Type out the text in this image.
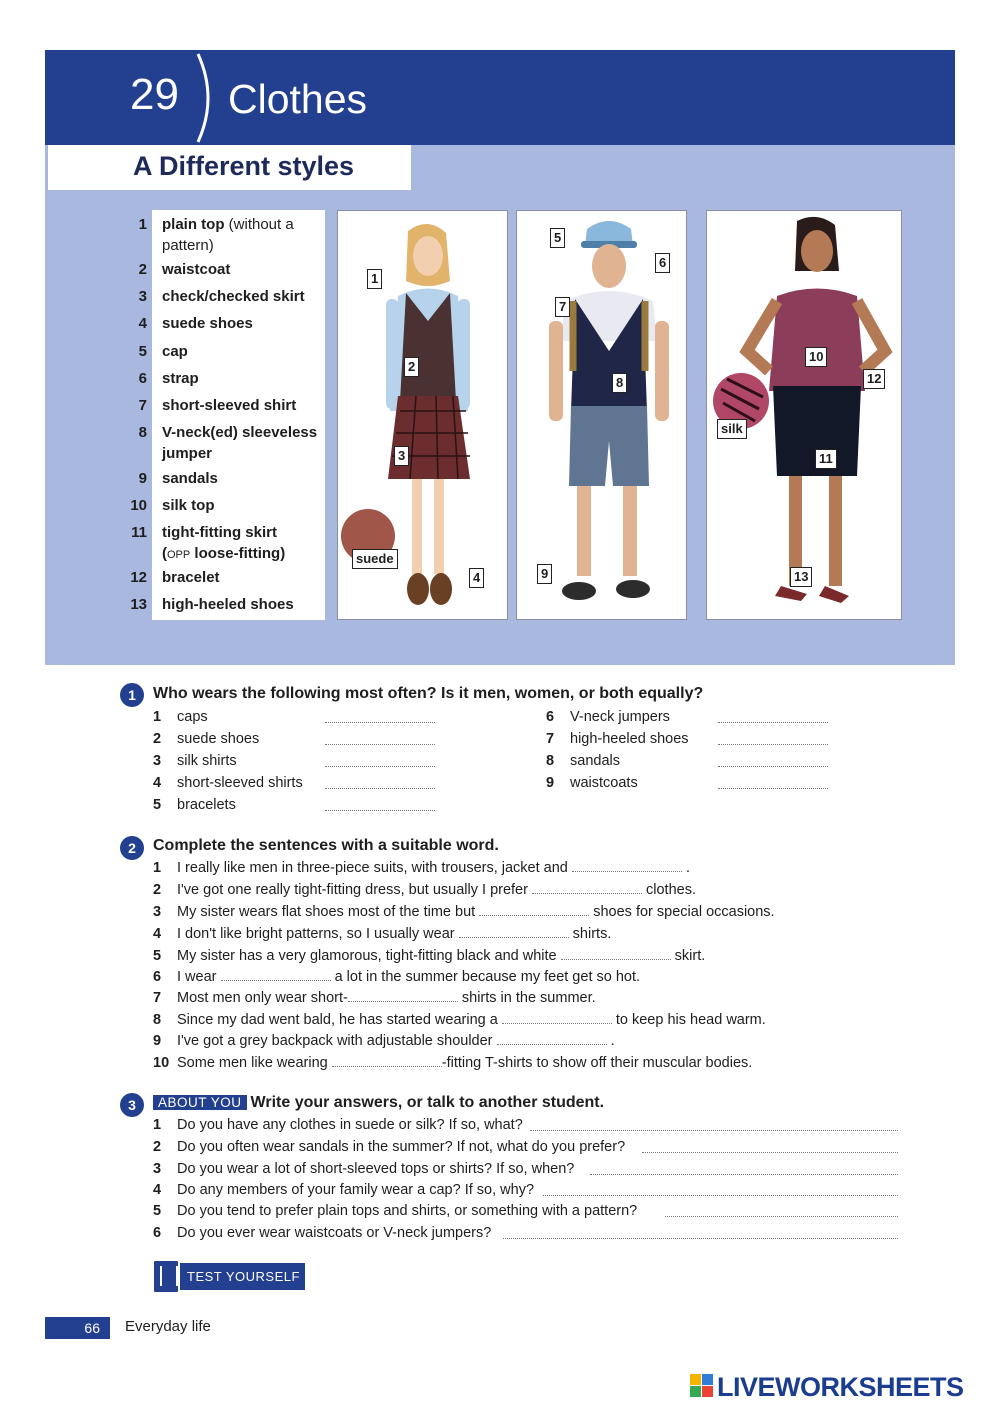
29 Clothes
A Different styles
1 plain top (without a pattern)
2 waistcoat
3 check/checked skirt
4 suede shoes
5 cap
6 strap
7 short-sleeved shirt
8 V-neck(ed) sleeveless jumper
9 sandals
10 silk top
11 tight-fitting skirt
(OPP loose-fitting)
12 bracelet
13 high-heeled shoes
1
2
3
4
suede
5
6
7
8
9
10
11
12
13
silk
1	Who wears the following most often? Is it men, women, or both equally?
1 caps
2 suede shoes
3 silk shirts
4 short-sleeved shirts
5 bracelets
6 V-neck jumpers
7 high-heeled shoes
8 sandals
9 waistcoats
2	Complete the sentences with a suitable word.
1 I really like men in three-piece suits, with trousers, jacket and	.
2 I've got one really tight-fitting dress, but usually I prefer	clothes.
3 My sister wears flat shoes most of the time but	shoes for special occasions.
4 I don't like bright patterns, so I usually wear	shirts.
5 My sister has a very glamorous, tight-fitting black and white	skirt.
6 I wear	a lot in the summer because my feet get so hot.
7 Most men only wear short-	shirts in the summer.
8 Since my dad went bald, he has started wearing a	to keep his head warm.
9 I've got a grey backpack with adjustable shoulder	.
10 Some men like wearing	-fitting T-shirts to show off their muscular bodies.
3	ABOUT YOU Write your answers, or talk to another student.
1 Do you have any clothes in suede or silk? If so, what?
2 Do you often wear sandals in the summer? If not, what do you prefer?
3 Do you wear a lot of short-sleeved tops or shirts? If so, when?
4 Do any members of your family wear a cap? If so, why?
5 Do you tend to prefer plain tops and shirts, or something with a pattern?
6 Do you ever wear waistcoats or V-neck jumpers?
TEST YOURSELF
66	Everyday life
LIVEWORKSHEETS
